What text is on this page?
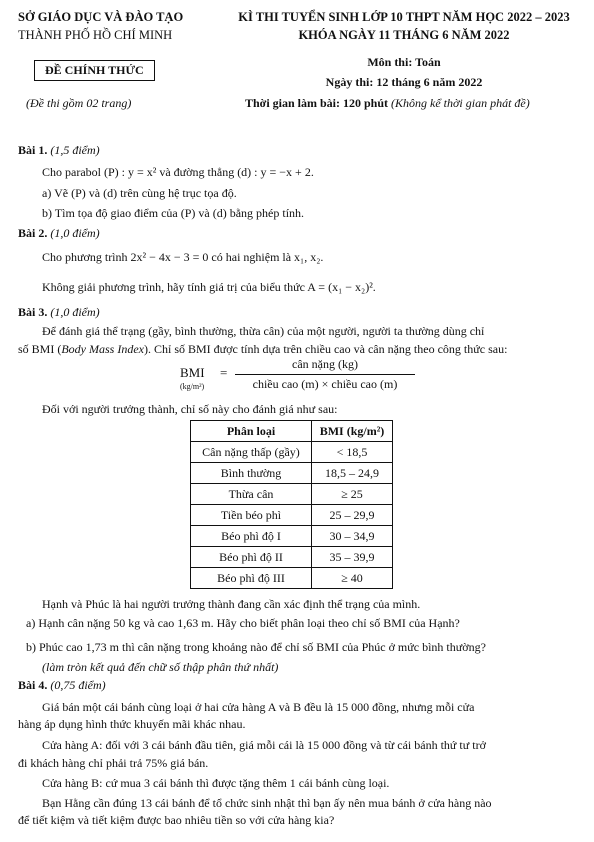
SỞ GIÁO DỤC VÀ ĐÀO TẠO
THÀNH PHỐ HỒ CHÍ MINH
ĐỀ CHÍNH THỨC
(Đề thi gồm 02 trang)
KÌ THI TUYỂN SINH LỚP 10 THPT NĂM HỌC 2022 – 2023
KHÓA NGÀY 11 THÁNG 6 NĂM 2022
Môn thi: Toán
Ngày thi: 12 tháng 6 năm 2022
Thời gian làm bài: 120 phút (Không kể thời gian phát đề)
Bài 1. (1,5 điểm)
Cho parabol (P) : y = x² và đường thẳng (d) : y = −x + 2.
a) Vẽ (P) và (d) trên cùng hệ trục tọa độ.
b) Tìm tọa độ giao điểm của (P) và (d) bằng phép tính.
Bài 2. (1,0 điểm)
Cho phương trình 2x² − 4x − 3 = 0 có hai nghiệm là x₁, x₂.
Không giải phương trình, hãy tính giá trị của biểu thức A = (x₁ − x₂)².
Bài 3. (1,0 điểm)
Để đánh giá thể trạng (gầy, bình thường, thừa cân) của một người, người ta thường dùng chỉ
số BMI (Body Mass Index). Chỉ số BMI được tính dựa trên chiều cao và cân nặng theo công thức sau:
BMI
(kg/m²)
=
cân nặng (kg)
chiều cao (m) × chiều cao (m)
Đối với người trưởng thành, chỉ số này cho đánh giá như sau:
Phân loại	BMI (kg/m²)
Cân nặng thấp (gầy)	< 18,5
Bình thường	18,5 – 24,9
Thừa cân	≥ 25
Tiền béo phì	25 – 29,9
Béo phì độ I	30 – 34,9
Béo phì độ II	35 – 39,9
Béo phì độ III	≥ 40
Hạnh và Phúc là hai người trưởng thành đang cần xác định thể trạng của mình.
a) Hạnh cân nặng 50 kg và cao 1,63 m. Hãy cho biết phân loại theo chỉ số BMI của Hạnh?
b) Phúc cao 1,73 m thì cân nặng trong khoảng nào để chỉ số BMI của Phúc ở mức bình thường?
(làm tròn kết quả đến chữ số thập phân thứ nhất)
Bài 4. (0,75 điểm)
Giá bán một cái bánh cùng loại ở hai cửa hàng A và B đều là 15 000 đồng, nhưng mỗi cửa
hàng áp dụng hình thức khuyến mãi khác nhau.
Cửa hàng A: đối với 3 cái bánh đầu tiên, giá mỗi cái là 15 000 đồng và từ cái bánh thứ tư trở
đi khách hàng chỉ phải trả 75% giá bán.
Cửa hàng B: cứ mua 3 cái bánh thì được tặng thêm 1 cái bánh cùng loại.
Bạn Hằng cần đúng 13 cái bánh để tổ chức sinh nhật thì bạn ấy nên mua bánh ở cửa hàng nào
để tiết kiệm và tiết kiệm được bao nhiêu tiền so với cửa hàng kia?
